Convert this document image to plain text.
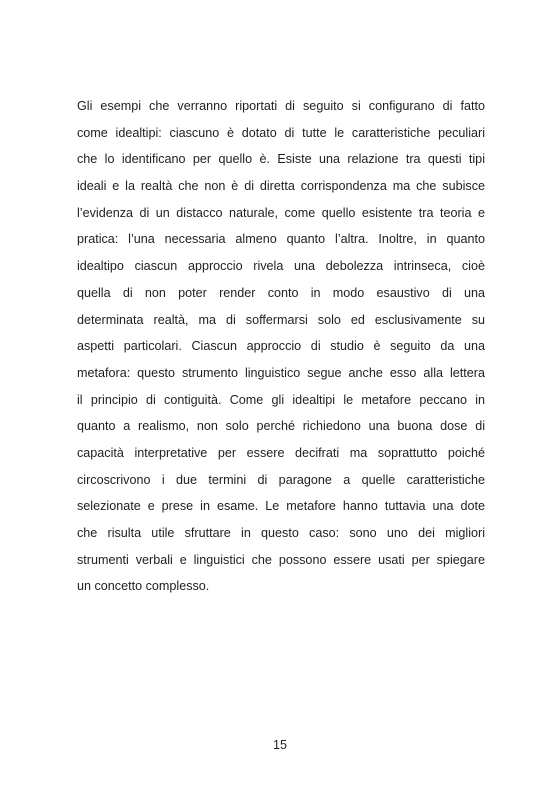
Gli esempi che verranno riportati di seguito si configurano di fatto
come idealtipi: ciascuno è dotato di tutte le caratteristiche peculiari
che lo identificano per quello è. Esiste una relazione tra questi tipi
ideali e la realtà che non è di diretta corrispondenza ma che subisce
l’evidenza di un distacco naturale, come quello esistente tra teoria e
pratica: l’una necessaria almeno quanto l’altra. Inoltre, in quanto
idealtipo ciascun approccio rivela una debolezza intrinseca, cioè
quella di non poter render conto in modo esaustivo di una
determinata realtà, ma di soffermarsi solo ed esclusivamente su
aspetti particolari. Ciascun approccio di studio è seguito da una
metafora: questo strumento linguistico segue anche esso alla lettera
il principio di contiguità. Come gli idealtipi le metafore peccano in
quanto a realismo, non solo perché richiedono una buona dose di
capacità interpretative per essere decifrati ma soprattutto poiché
circoscrivono i due termini di paragone a quelle caratteristiche
selezionate e prese in esame. Le metafore hanno tuttavia una dote
che risulta utile sfruttare in questo caso: sono uno dei migliori
strumenti verbali e linguistici che possono essere usati per spiegare
un concetto complesso.
15
